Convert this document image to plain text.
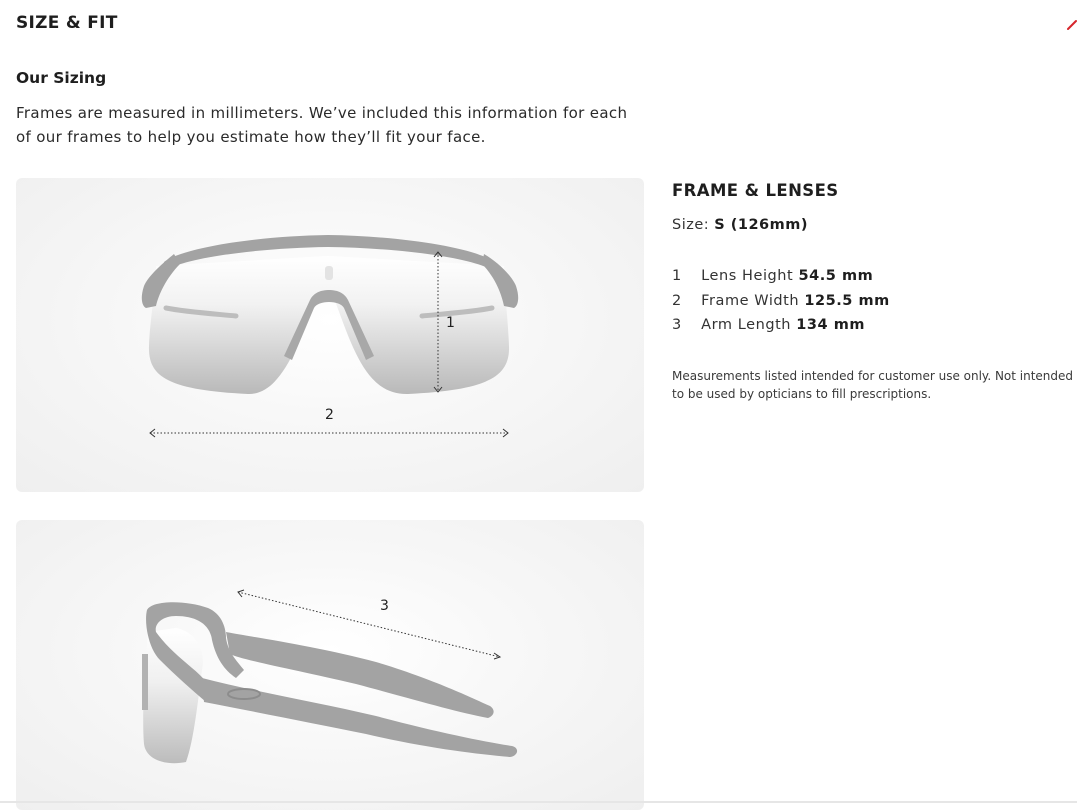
SIZE & FIT
Our Sizing

Frames are measured in millimeters. We’ve included this information for each of our frames to help you estimate how they’ll fit your face.

1
2
3
FRAME & LENSES

Size: S (126mm)

1 Lens Height 54.5 mm
2 Frame Width 125.5 mm
3 Arm Length 134 mm

Measurements listed intended for customer use only. Not intended to be used by opticians to fill prescriptions.
